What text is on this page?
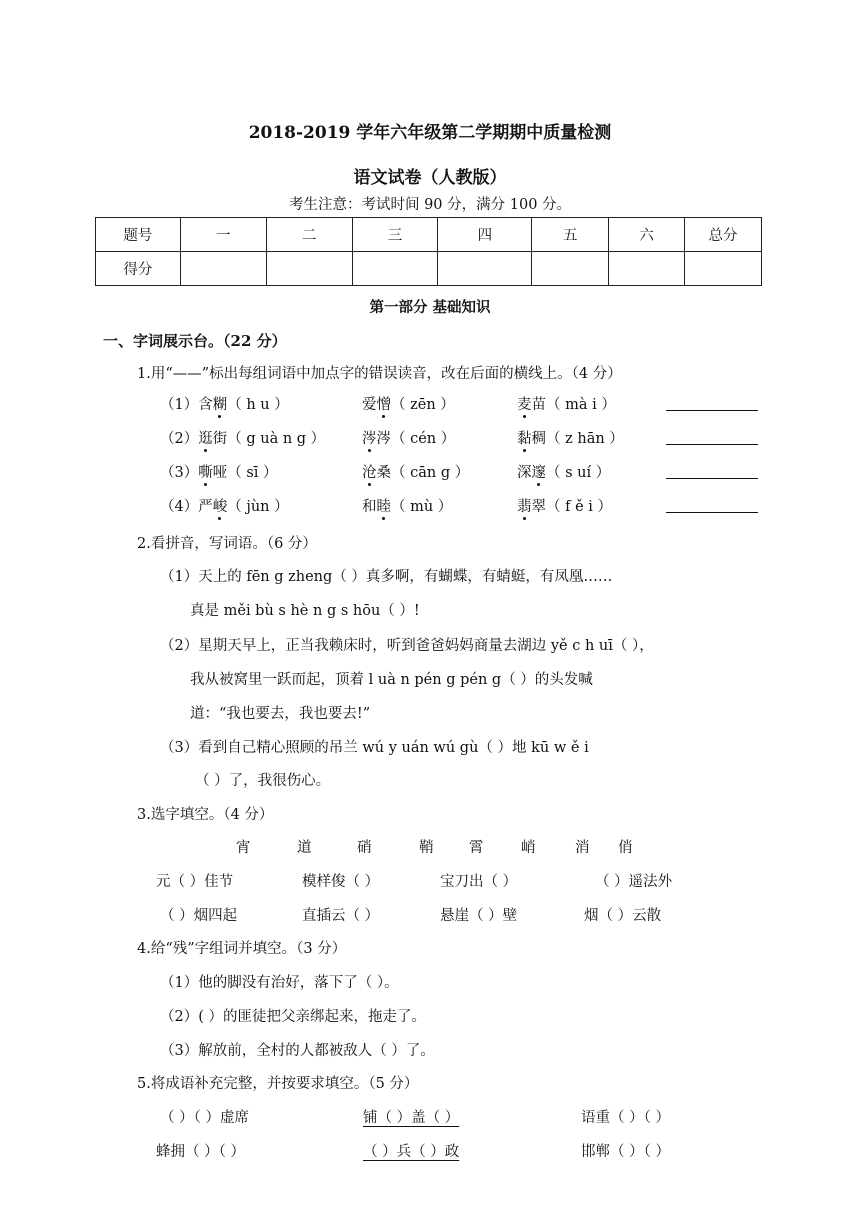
2018-2019 学年六年级第二学期期中质量检测
语文试卷（人教版）
考生注意：考试时间 90 分，满分 100 分。
题号	一	二	三	四	五	六	总分
得分							
第一部分 基础知识
一、字词展示台。（22 分）
1.用“——”标出每组词语中加点字的错误读音，改在后面的横线上。（4 分）
（1）含糊（ h u ）	爱憎（ zēn ）	麦苗（ mà i ）
（2）逛街（ g uà n g ）	涔涔（ cén ）	黏稠（ z hān ）
（3）嘶哑（ sī ）	沧桑（ cān g ）	深邃（ s uí ）
（4）严峻（ jùn ）	和睦（ mù ）	翡翠（ f ě i ）
2.看拼音，写词语。（6 分）
（1）天上的 fēn g zheng（ ）真多啊，有蝴蝶，有蜻蜓，有凤凰……
真是 měi bù s hè n g s hōu（ ）!
（2）星期天早上，正当我赖床时，听到爸爸妈妈商量去湖边 yě c h uī（ ），
我从被窝里一跃而起，顶着 l uà n pén g pén g（ ）的头发喊
道：“我也要去，我也要去!”
（3）看到自己精心照顾的吊兰 wú y uán wú gù（ ）地 kū w ě i
（ ）了，我很伤心。
3.选字填空。（4 分）
宵	道	硝	鞘 霄	峭	消 俏
元（ ）佳节	模样俊（ ）	宝刀出（ ）	（ ）遥法外
（ ）烟四起	直插云（ ）	悬崖（ ）壁	烟（ ）云散
4.给“残”字组词并填空。（3 分）
（1）他的脚没有治好，落下了（ ）。
（2）( ）的匪徒把父亲绑起来，拖走了。
（3）解放前，全村的人都被敌人（ ）了。
5.将成语补充完整，并按要求填空。（5 分）
（ ）（ ）虚席	铺（ ）盖（ ）	语重（ ）（ ）
蜂拥（ ）（ ）	（ ）兵（ ）政	邯郸（ ）（ ）
